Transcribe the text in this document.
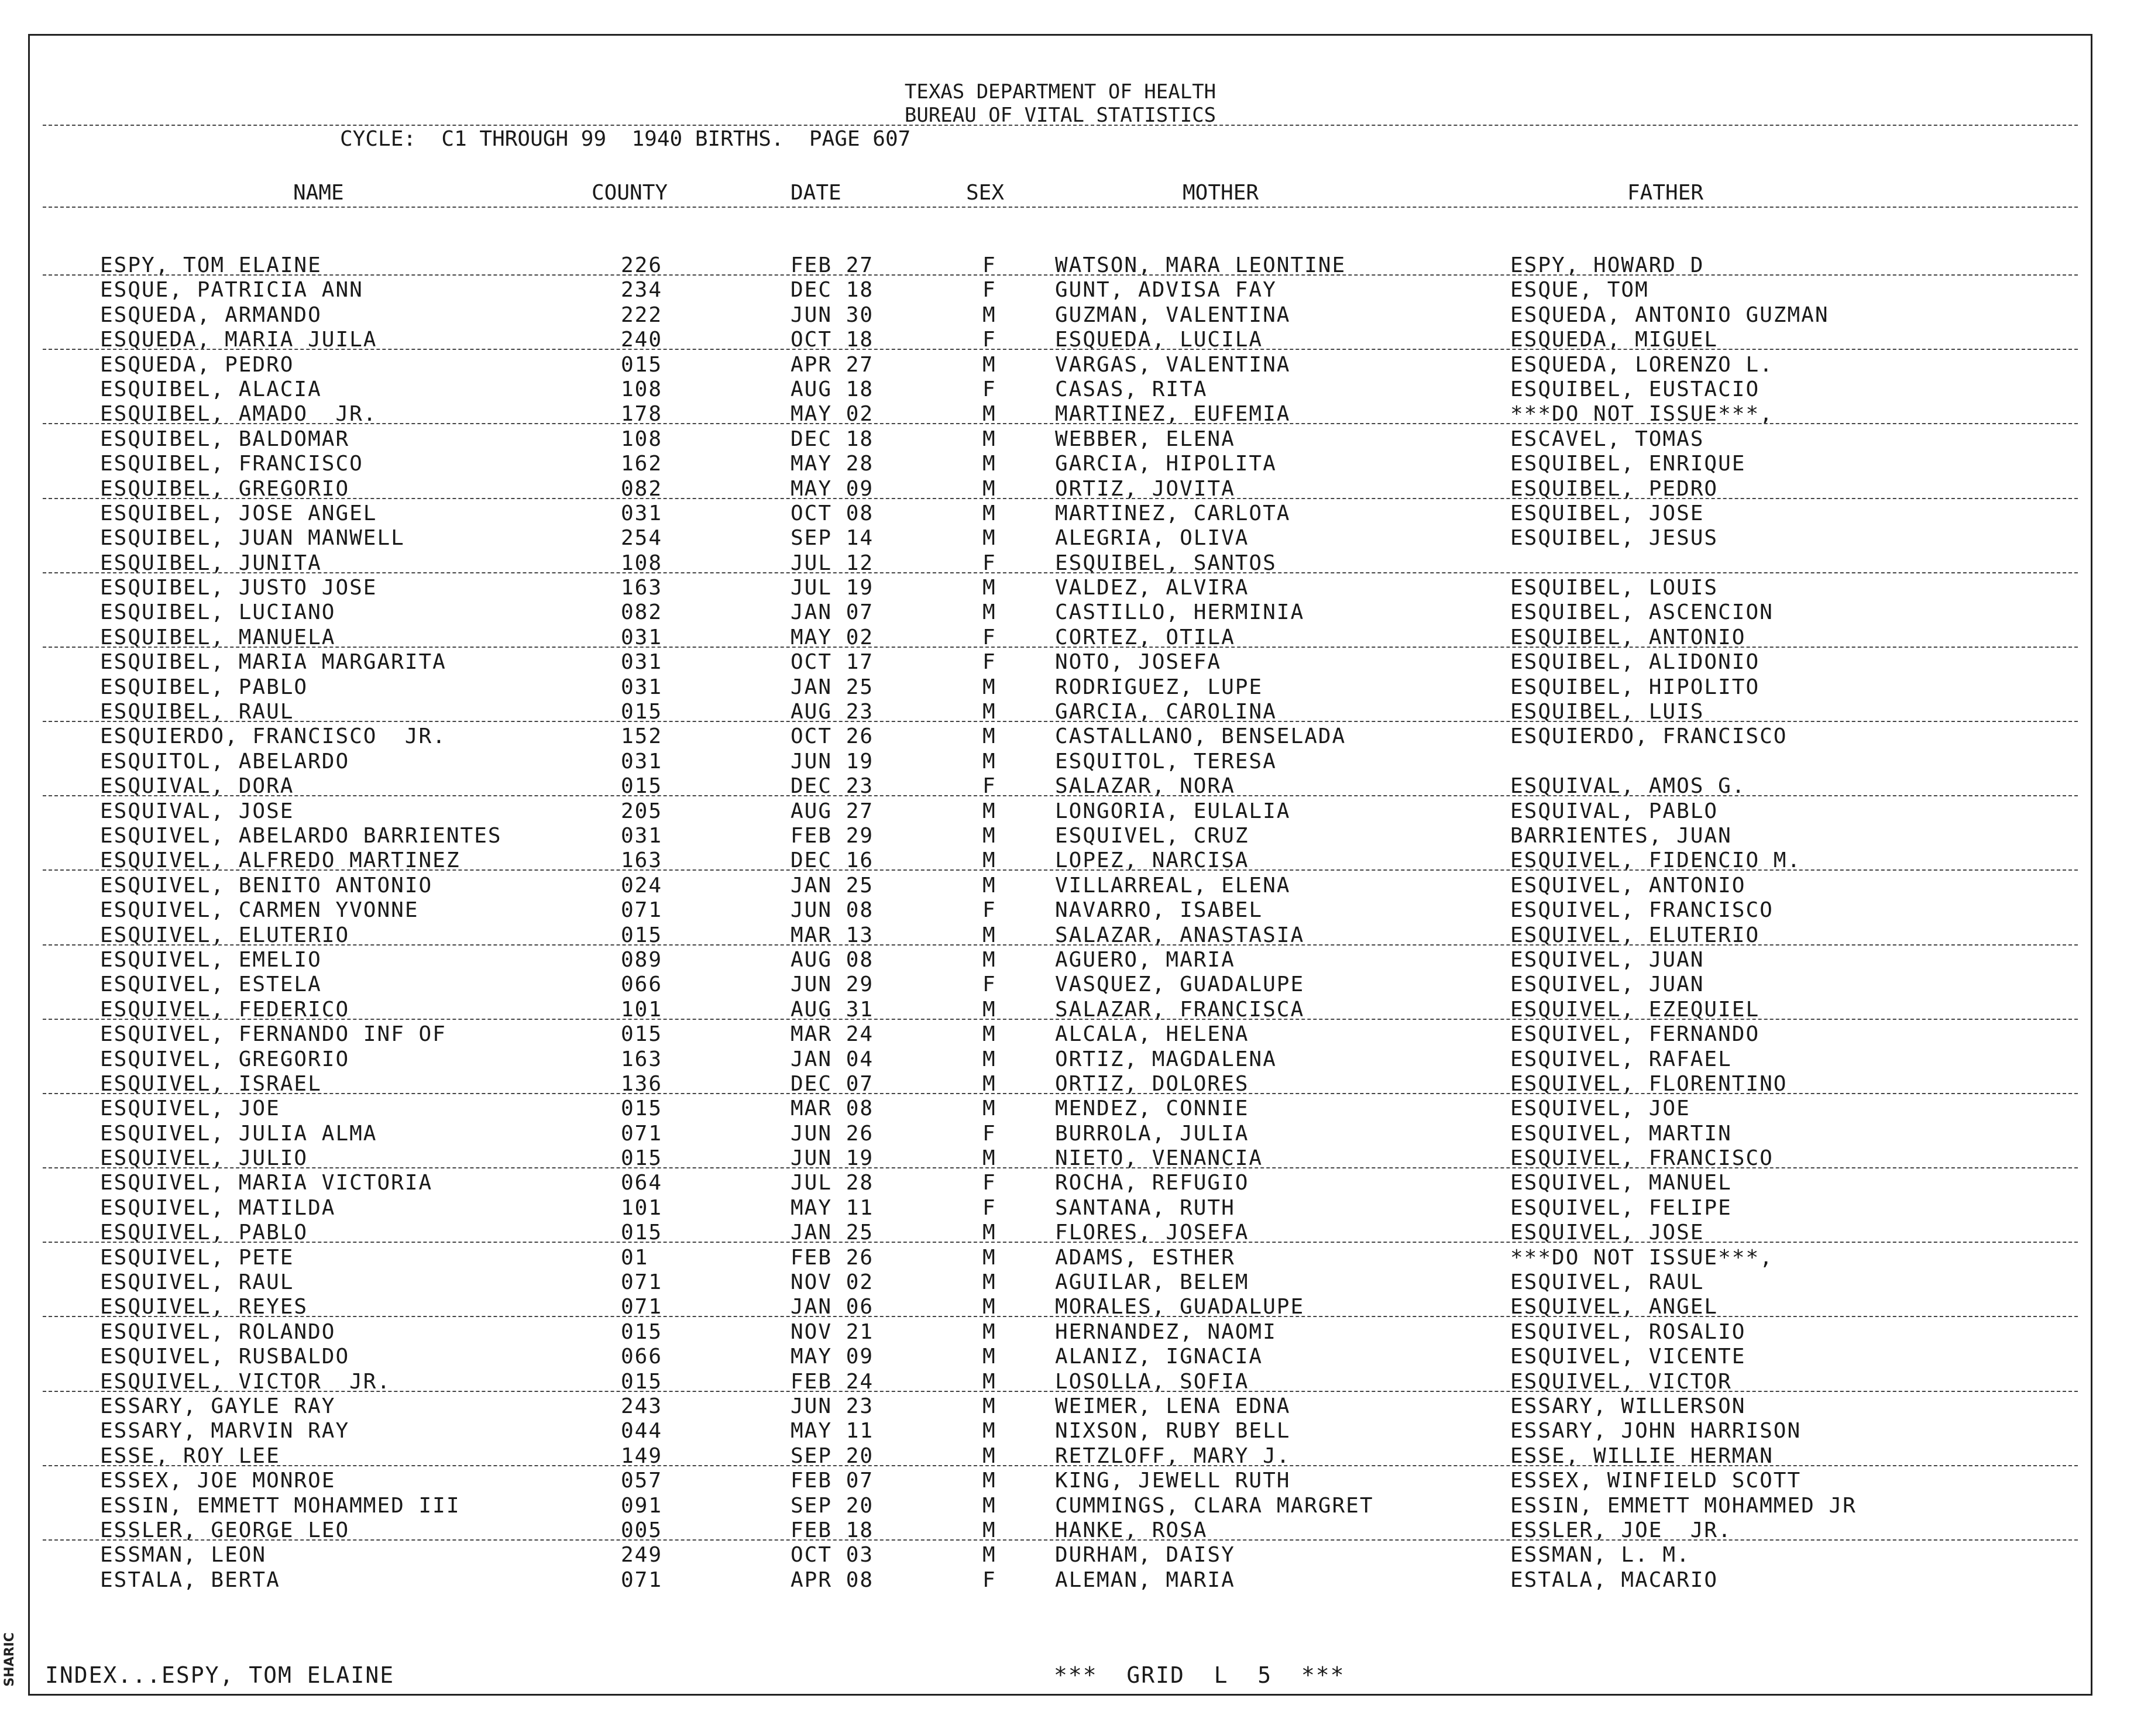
SHARIC
TEXAS DEPARTMENT OF HEALTH
BUREAU OF VITAL STATISTICS
CYCLE:  C1 THROUGH 99  1940 BIRTHS.  PAGE 607
NAME	COUNTY	DATE	SEX	MOTHER	FATHER
ESPY, TOM ELAINE	226	FEB 27	F	WATSON, MARA LEONTINE	ESPY, HOWARD D
ESQUE, PATRICIA ANN	234	DEC 18	F	GUNT, ADVISA FAY	ESQUE, TOM
ESQUEDA, ARMANDO	222	JUN 30	M	GUZMAN, VALENTINA	ESQUEDA, ANTONIO GUZMAN
ESQUEDA, MARIA JUILA	240	OCT 18	F	ESQUEDA, LUCILA	ESQUEDA, MIGUEL
ESQUEDA, PEDRO	015	APR 27	M	VARGAS, VALENTINA	ESQUEDA, LORENZO L.
ESQUIBEL, ALACIA	108	AUG 18	F	CASAS, RITA	ESQUIBEL, EUSTACIO
ESQUIBEL, AMADO  JR.	178	MAY 02	M	MARTINEZ, EUFEMIA	***DO NOT ISSUE***,
ESQUIBEL, BALDOMAR	108	DEC 18	M	WEBBER, ELENA	ESCAVEL, TOMAS
ESQUIBEL, FRANCISCO	162	MAY 28	M	GARCIA, HIPOLITA	ESQUIBEL, ENRIQUE
ESQUIBEL, GREGORIO	082	MAY 09	M	ORTIZ, JOVITA	ESQUIBEL, PEDRO
ESQUIBEL, JOSE ANGEL	031	OCT 08	M	MARTINEZ, CARLOTA	ESQUIBEL, JOSE
ESQUIBEL, JUAN MANWELL	254	SEP 14	M	ALEGRIA, OLIVA	ESQUIBEL, JESUS
ESQUIBEL, JUNITA	108	JUL 12	F	ESQUIBEL, SANTOS
ESQUIBEL, JUSTO JOSE	163	JUL 19	M	VALDEZ, ALVIRA	ESQUIBEL, LOUIS
ESQUIBEL, LUCIANO	082	JAN 07	M	CASTILLO, HERMINIA	ESQUIBEL, ASCENCION
ESQUIBEL, MANUELA	031	MAY 02	F	CORTEZ, OTILA	ESQUIBEL, ANTONIO
ESQUIBEL, MARIA MARGARITA	031	OCT 17	F	NOTO, JOSEFA	ESQUIBEL, ALIDONIO
ESQUIBEL, PABLO	031	JAN 25	M	RODRIGUEZ, LUPE	ESQUIBEL, HIPOLITO
ESQUIBEL, RAUL	015	AUG 23	M	GARCIA, CAROLINA	ESQUIBEL, LUIS
ESQUIERDO, FRANCISCO  JR.	152	OCT 26	M	CASTALLANO, BENSELADA	ESQUIERDO, FRANCISCO
ESQUITOL, ABELARDO	031	JUN 19	M	ESQUITOL, TERESA
ESQUIVAL, DORA	015	DEC 23	F	SALAZAR, NORA	ESQUIVAL, AMOS G.
ESQUIVAL, JOSE	205	AUG 27	M	LONGORIA, EULALIA	ESQUIVAL, PABLO
ESQUIVEL, ABELARDO BARRIENTES	031	FEB 29	M	ESQUIVEL, CRUZ	BARRIENTES, JUAN
ESQUIVEL, ALFREDO MARTINEZ	163	DEC 16	M	LOPEZ, NARCISA	ESQUIVEL, FIDENCIO M.
ESQUIVEL, BENITO ANTONIO	024	JAN 25	M	VILLARREAL, ELENA	ESQUIVEL, ANTONIO
ESQUIVEL, CARMEN YVONNE	071	JUN 08	F	NAVARRO, ISABEL	ESQUIVEL, FRANCISCO
ESQUIVEL, ELUTERIO	015	MAR 13	M	SALAZAR, ANASTASIA	ESQUIVEL, ELUTERIO
ESQUIVEL, EMELIO	089	AUG 08	M	AGUERO, MARIA	ESQUIVEL, JUAN
ESQUIVEL, ESTELA	066	JUN 29	F	VASQUEZ, GUADALUPE	ESQUIVEL, JUAN
ESQUIVEL, FEDERICO	101	AUG 31	M	SALAZAR, FRANCISCA	ESQUIVEL, EZEQUIEL
ESQUIVEL, FERNANDO INF OF	015	MAR 24	M	ALCALA, HELENA	ESQUIVEL, FERNANDO
ESQUIVEL, GREGORIO	163	JAN 04	M	ORTIZ, MAGDALENA	ESQUIVEL, RAFAEL
ESQUIVEL, ISRAEL	136	DEC 07	M	ORTIZ, DOLORES	ESQUIVEL, FLORENTINO
ESQUIVEL, JOE	015	MAR 08	M	MENDEZ, CONNIE	ESQUIVEL, JOE
ESQUIVEL, JULIA ALMA	071	JUN 26	F	BURROLA, JULIA	ESQUIVEL, MARTIN
ESQUIVEL, JULIO	015	JUN 19	M	NIETO, VENANCIA	ESQUIVEL, FRANCISCO
ESQUIVEL, MARIA VICTORIA	064	JUL 28	F	ROCHA, REFUGIO	ESQUIVEL, MANUEL
ESQUIVEL, MATILDA	101	MAY 11	F	SANTANA, RUTH	ESQUIVEL, FELIPE
ESQUIVEL, PABLO	015	JAN 25	M	FLORES, JOSEFA	ESQUIVEL, JOSE
ESQUIVEL, PETE	01	FEB 26	M	ADAMS, ESTHER	***DO NOT ISSUE***,
ESQUIVEL, RAUL	071	NOV 02	M	AGUILAR, BELEM	ESQUIVEL, RAUL
ESQUIVEL, REYES	071	JAN 06	M	MORALES, GUADALUPE	ESQUIVEL, ANGEL
ESQUIVEL, ROLANDO	015	NOV 21	M	HERNANDEZ, NAOMI	ESQUIVEL, ROSALIO
ESQUIVEL, RUSBALDO	066	MAY 09	M	ALANIZ, IGNACIA	ESQUIVEL, VICENTE
ESQUIVEL, VICTOR  JR.	015	FEB 24	M	LOSOLLA, SOFIA	ESQUIVEL, VICTOR
ESSARY, GAYLE RAY	243	JUN 23	M	WEIMER, LENA EDNA	ESSARY, WILLERSON
ESSARY, MARVIN RAY	044	MAY 11	M	NIXSON, RUBY BELL	ESSARY, JOHN HARRISON
ESSE, ROY LEE	149	SEP 20	M	RETZLOFF, MARY J.	ESSE, WILLIE HERMAN
ESSEX, JOE MONROE	057	FEB 07	M	KING, JEWELL RUTH	ESSEX, WINFIELD SCOTT
ESSIN, EMMETT MOHAMMED III	091	SEP 20	M	CUMMINGS, CLARA MARGRET	ESSIN, EMMETT MOHAMMED JR
ESSLER, GEORGE LEO	005	FEB 18	M	HANKE, ROSA	ESSLER, JOE  JR.
ESSMAN, LEON	249	OCT 03	M	DURHAM, DAISY	ESSMAN, L. M.
ESTALA, BERTA	071	APR 08	F	ALEMAN, MARIA	ESTALA, MACARIO
INDEX...ESPY, TOM ELAINE	***  GRID  L  5  ***
